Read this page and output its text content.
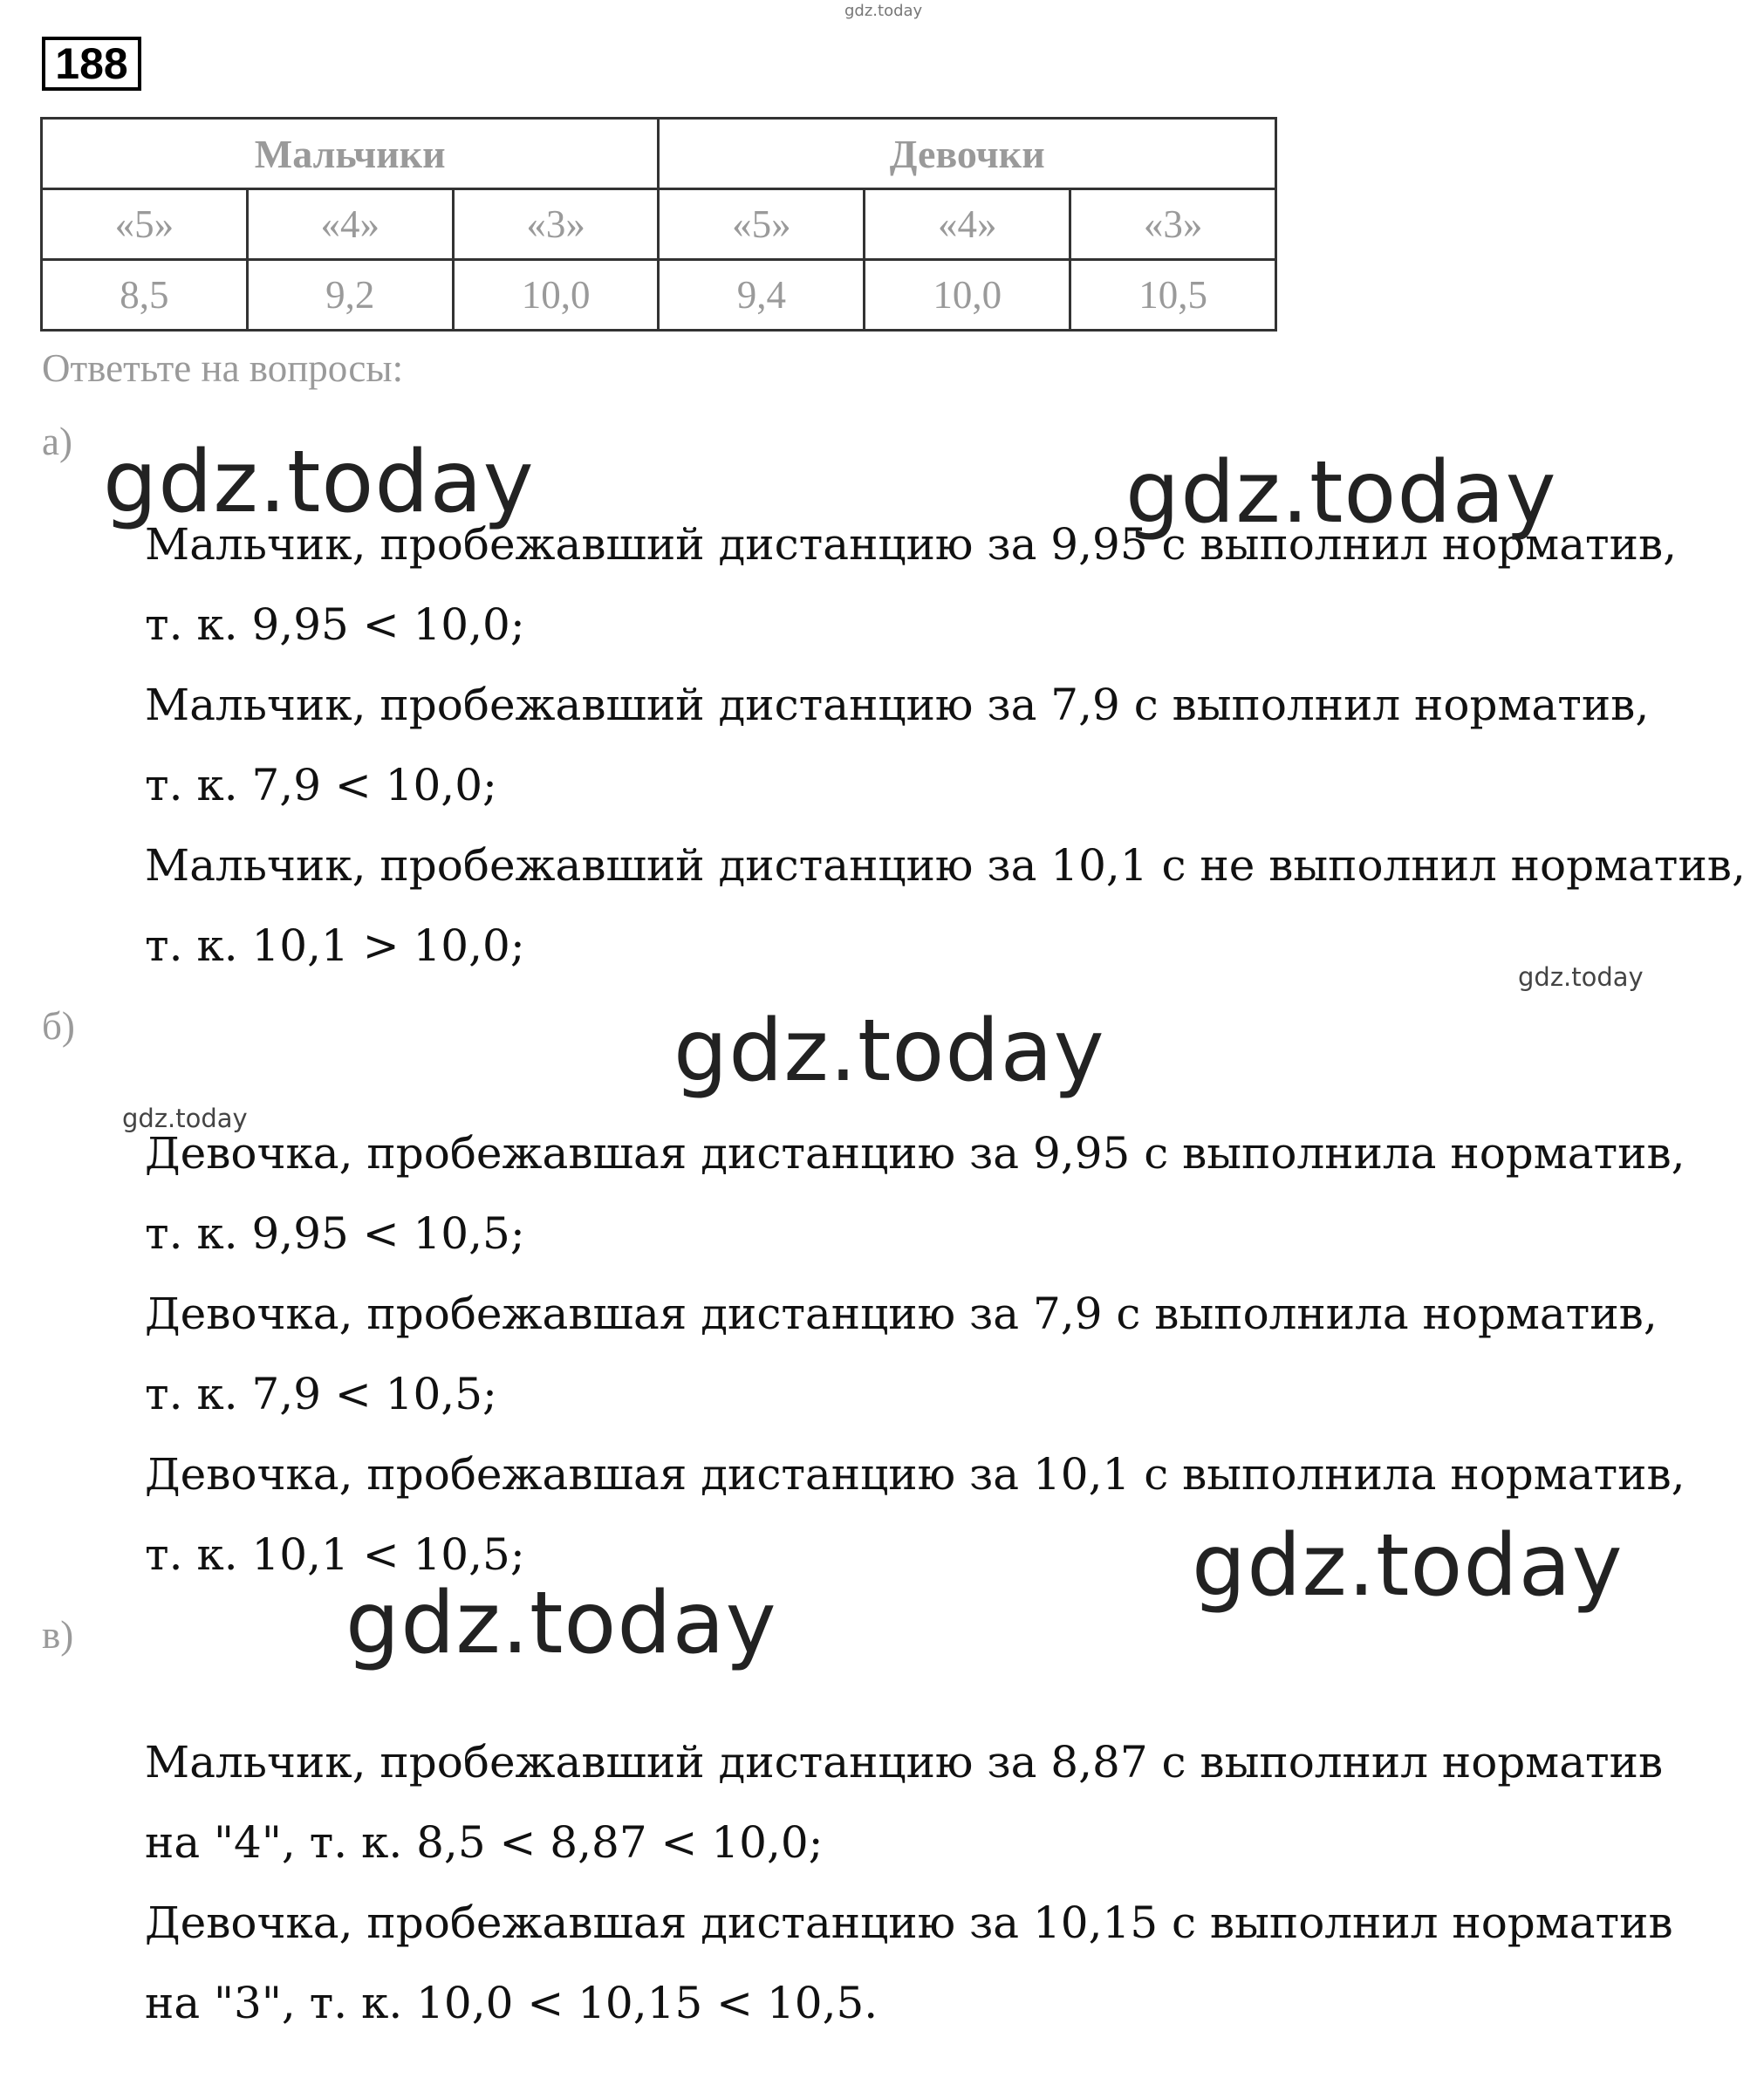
gdz.today
188
Мальчики			Девочки		
«5»	«4»	«3»	«5»	«4»	«3»
8,5	9,2	10,0	9,4	10,0	10,5
Ответьте на вопросы:
а)
Мальчик, пробежавший дистанцию за 9,95 с выполнил норматив,
т. к. 9,95 < 10,0;
Мальчик, пробежавший дистанцию за 7,9 с выполнил норматив,
т. к. 7,9 < 10,0;
Мальчик, пробежавший дистанцию за 10,1 с не выполнил норматив,
т. к. 10,1 > 10,0;
б)
Девочка, пробежавшая дистанцию за 9,95 с выполнила норматив,
т. к. 9,95 < 10,5;
Девочка, пробежавшая дистанцию за 7,9 с выполнила норматив,
т. к. 7,9 < 10,5;
Девочка, пробежавшая дистанцию за 10,1 с выполнила норматив,
т. к. 10,1 < 10,5;
в)
Мальчик, пробежавший дистанцию за 8,87 с выполнил норматив
на "4", т. к. 8,5 < 8,87 < 10,0;
Девочка, пробежавшая дистанцию за 10,15 с выполнил норматив
на "3", т. к. 10,0 < 10,15 < 10,5.
gdz.today	gdz.today
gdz.today
gdz.today
gdz.today
gdz.today
gdz.today
